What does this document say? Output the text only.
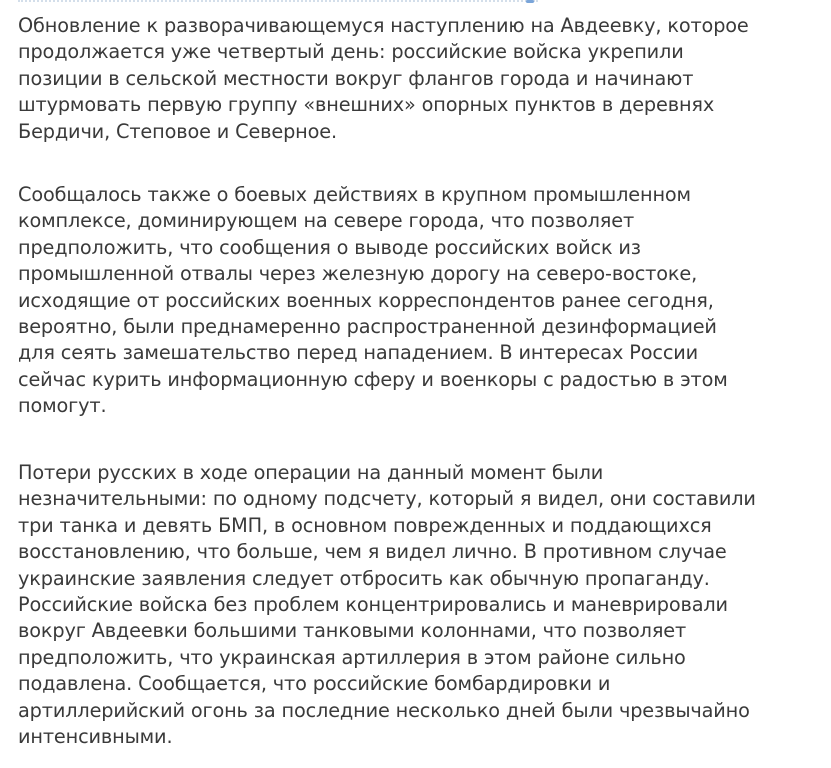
Обновление к разворачивающемуся наступлению на Авдеевку, которое
продолжается уже четвертый день: российские войска укрепили
позиции в сельской местности вокруг флангов города и начинают
штурмовать первую группу «внешних» опорных пунктов в деревнях
Бердичи, Степовое и Северное.

Сообщалось также о боевых действиях в крупном промышленном
комплексе, доминирующем на севере города, что позволяет
предположить, что сообщения о выводе российских войск из
промышленной отвалы через железную дорогу на северо-востоке,
исходящие от российских военных корреспондентов ранее сегодня,
вероятно, были преднамеренно распространенной дезинформацией
для сеять замешательство перед нападением. В интересах России
сейчас курить информационную сферу и военкоры с радостью в этом
помогут.

Потери русских в ходе операции на данный момент были
незначительными: по одному подсчету, который я видел, они составили
три танка и девять БМП, в основном поврежденных и поддающихся
восстановлению, что больше, чем я видел лично. В противном случае
украинские заявления следует отбросить как обычную пропаганду.
Российские войска без проблем концентрировались и маневрировали
вокруг Авдеевки большими танковыми колоннами, что позволяет
предположить, что украинская артиллерия в этом районе сильно
подавлена. Сообщается, что российские бомбардировки и
артиллерийский огонь за последние несколько дней были чрезвычайно
интенсивными.
